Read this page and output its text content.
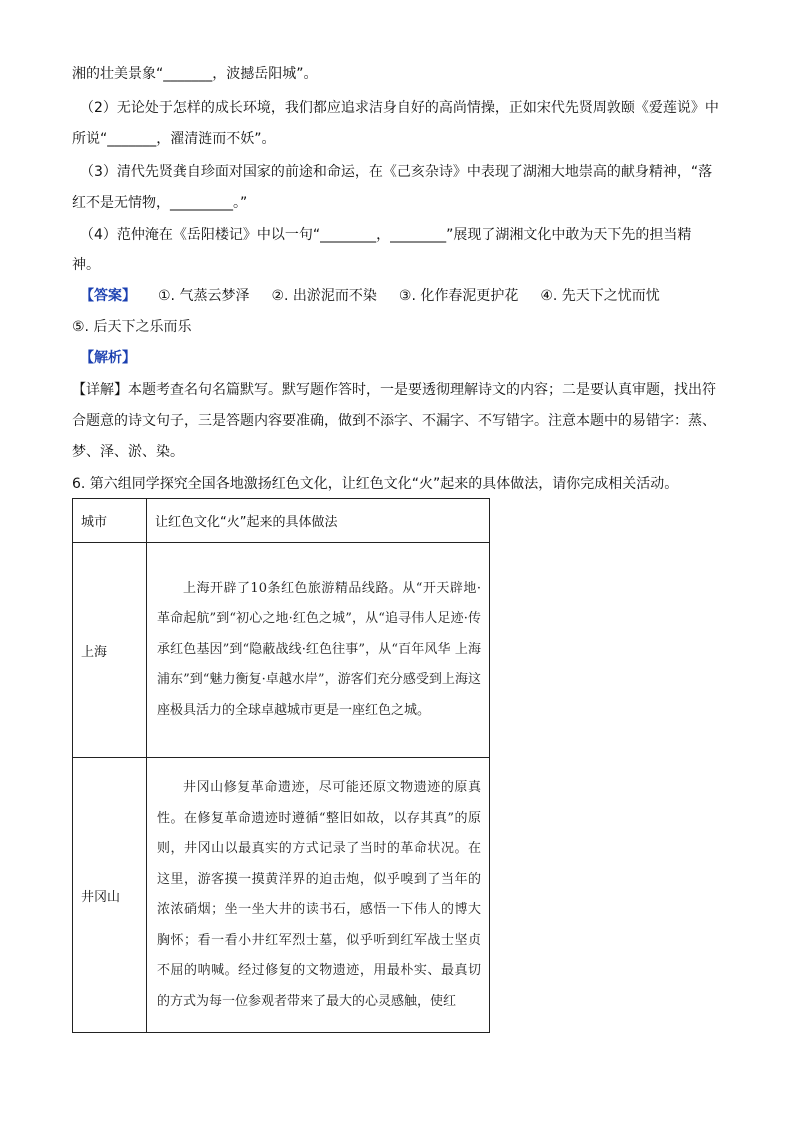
湘的壮美景象“_______，波撼岳阳城”。
（2）无论处于怎样的成长环境，我们都应追求洁身自好的高尚情操，正如宋代先贤周敦颐《爱莲说》中
所说“_______，濯清涟而不妖”。
（3）清代先贤龚自珍面对国家的前途和命运，在《己亥杂诗》中表现了湖湘大地崇高的献身精神，“落
红不是无情物，_________。”
（4）范仲淹在《岳阳楼记》中以一句“________，________”展现了湖湘文化中敢为天下先的担当精
神。
【答案】 ①. 气蒸云梦泽 ②. 出淤泥而不染 ③. 化作春泥更护花 ④. 先天下之忧而忧
⑤. 后天下之乐而乐
【解析】
【详解】本题考查名句名篇默写。默写题作答时，一是要透彻理解诗文的内容；二是要认真审题，找出符
合题意的诗文句子，三是答题内容要准确，做到不添字、不漏字、不写错字。注意本题中的易错字：蒸、
梦、泽、淤、染。
6. 第六组同学探究全国各地激扬红色文化，让红色文化“火”起来的具体做法，请你完成相关活动。
城市	让红色文化“火”起来的具体做法
上海	上海开辟了10条红色旅游精品线路。从“开天辟地·革命起航”到“初心之地·红色之城”，从“追寻伟人足迹·传承红色基因”到“隐蔽战线·红色往事”，从“百年风华 上海浦东”到“魅力衡复·卓越水岸”，游客们充分感受到上海这座极具活力的全球卓越城市更是一座红色之城。
井冈山	井冈山修复革命遗迹，尽可能还原文物遗迹的原真性。在修复革命遗迹时遵循“整旧如故，以存其真”的原则，井冈山以最真实的方式记录了当时的革命状况。在这里，游客摸一摸黄洋界的迫击炮，似乎嗅到了当年的浓浓硝烟；坐一坐大井的读书石，感悟一下伟人的博大胸怀；看一看小井红军烈士墓，似乎听到红军战士坚贞不屈的呐喊。经过修复的文物遗迹，用最朴实、最真切的方式为每一位参观者带来了最大的心灵感触，使红
